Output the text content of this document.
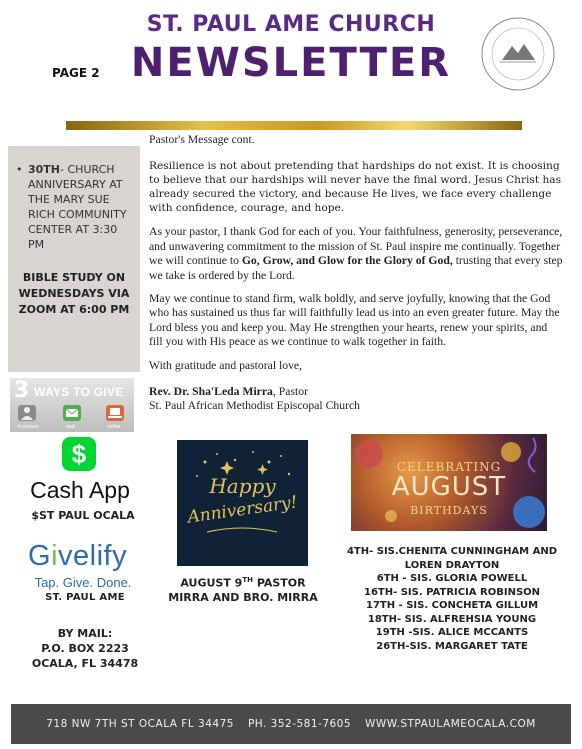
ST. PAUL AME CHURCH
NEWSLETTER
PAGE 2
• 30TH- CHURCH ANNIVERSARY AT THE MARY SUE RICH COMMUNITY CENTER AT 3:30 PM
BIBLE STUDY ON WEDNESDAYS VIA ZOOM AT 6:00 PM
3 WAYS TO GIVE
in person	mail	online
$
Cash App
$ST PAUL OCALA
Givelify
Tap. Give. Done.
ST. PAUL AME
BY MAIL:
P.O. BOX 2223
OCALA, FL 34478

Pastor's Message cont.

Resilience is not about pretending that hardships do not exist. It is choosing to believe that our hardships will never have the final word. Jesus Christ has already secured the victory, and because He lives, we face every challenge with confidence, courage, and hope.

As your pastor, I thank God for each of you. Your faithfulness, generosity, perseverance, and unwavering commitment to the mission of St. Paul inspire me continually. Together we will continue to Go, Grow, and Glow for the Glory of God, trusting that every step we take is ordered by the Lord.

May we continue to stand firm, walk boldly, and serve joyfully, knowing that the God who has sustained us thus far will faithfully lead us into an even greater future. May the Lord bless you and keep you. May He strengthen your hearts, renew your spirits, and fill you with His peace as we continue to walk together in faith.

With gratitude and pastoral love,

Rev. Dr. Sha'Leda Mirra, Pastor
St. Paul African Methodist Episcopal Church
Happy
Anniversary!
AUGUST 9TH PASTOR MIRRA AND BRO. MIRRA
CELEBRATING
AUGUST
BIRTHDAYS
4TH- SIS.CHENITA CUNNINGHAM AND LOREN DRAYTON
6TH - SIS. GLORIA POWELL
16TH- SIS. PATRICIA ROBINSON
17TH - SIS. CONCHETA GILLUM
18TH- SIS. ALFREHSIA YOUNG
19TH -SIS. ALICE MCCANTS
26TH-SIS. MARGARET TATE
718 NW 7TH ST OCALA FL 34475 PH. 352-581-7605 WWW.STPAULAMEOCALA.COM
